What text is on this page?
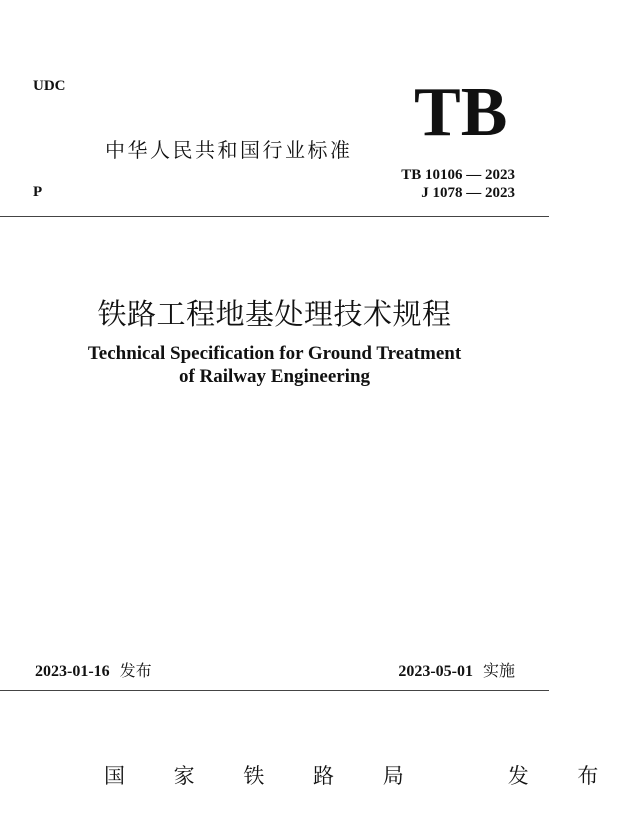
UDC
中华人民共和国行业标准 TB
P
TB 10106 — 2023
J 1078 — 2023
铁路工程地基处理技术规程
Technical Specification for Ground Treatment
of Railway Engineering
2023-01-16 发布	2023-05-01 实施
国 家 铁 路 局   发 布
